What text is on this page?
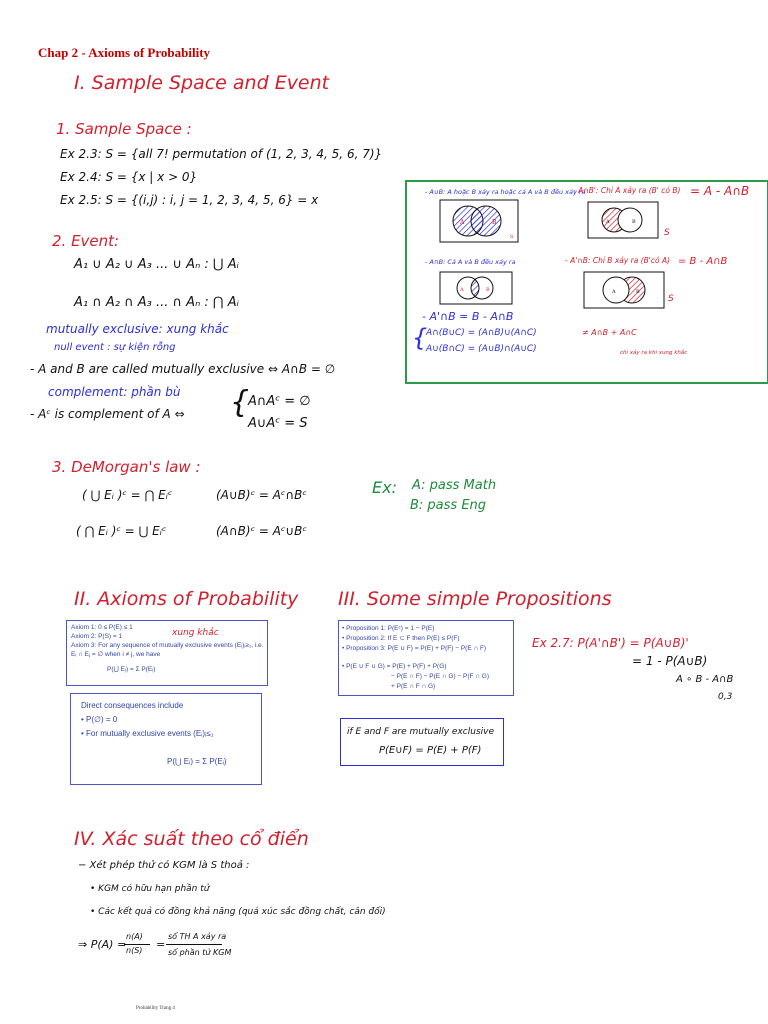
Chap 2 - Axioms of Probability
I. Sample Space and Event
1. Sample Space :
Ex 2.3: S = {all 7! permutation of (1, 2, 3, 4, 5, 6, 7)}
Ex 2.4: S = {x | x > 0}
Ex 2.5: S = {(i,j) : i, j = 1, 2, 3, 4, 5, 6} = x
2. Event:
A₁ ∪ A₂ ∪ A₃ ... ∪ Aₙ : ⋃ Aᵢ
A₁ ∩ A₂ ∩ A₃ ... ∩ Aₙ : ⋂ Aᵢ
mutually exclusive: xung khắc
null event : sự kiện rỗng
- A and B are called mutually exclusive ⇔ A∩B = ∅
complement: phần bù
- Aᶜ is complement of A ⇔ {
A∩Aᶜ = ∅
A∪Aᶜ = S
3. DeMorgan's law :
( ⋃ Eᵢ )ᶜ = ⋂ Eᵢᶜ	(A∪B)ᶜ = Aᶜ∩Bᶜ
( ⋂ Eᵢ )ᶜ = ⋃ Eᵢᶜ	(A∩B)ᶜ = Aᶜ∪Bᶜ
Ex: A: pass Math
B: pass Eng
- A∪B: A hoặc B xảy ra hoặc cả A và B đều xảy ra
- A∩B': Chỉ A xảy ra (B' có B) = A - A∩B
A	B
S
A	B
S
- A∩B: Cả A và B đều xảy ra	- A'∩B: Chỉ B xảy ra (B'có A) = B - A∩B
A	B	A	B
S
- A'∩B = B - A∩B
{
A∩(B∪C) = (A∩B)∪(A∩C)	≠ A∩B + A∩C
A∪(B∩C) = (A∪B)∩(A∪C)	chỉ xảy ra khi xung khắc
II. Axioms of Probability
Axiom 1: 0 ≤ P(E) ≤ 1
Axiom 2: P(S) = 1
Axiom 3: For any sequence of mutually exclusive events (Eᵢ)ᵢ≥₁, i.e.
Eᵢ ∩ Eⱼ = ∅ when i ≠ j, we have
P(⋃ Eᵢ) = Σ P(Eᵢ)
xung khắc
Direct consequences include
• P(∅) = 0
• For mutually exclusive events (Eᵢ)ᵢ≤₁
P(⋃ Eᵢ) = Σ P(Eᵢ)
III. Some simple Propositions
• Proposition 1: P(Eᶜ) = 1 − P(E)
• Proposition 2: If E ⊂ F then P(E) ≤ P(F)
• Proposition 3: P(E ∪ F) = P(E) + P(F) − P(E ∩ F)
• P(E ∪ F ∪ G) = P(E) + P(F) + P(G)
− P(E ∩ F) − P(E ∩ G) − P(F ∩ G)
+ P(E ∩ F ∩ G)
if E and F are mutually exclusive
P(E∪F) = P(E) + P(F)
Ex 2.7: P(A'∩B') = P(A∪B)'
= 1 - P(A∪B)
A ∘ B - A∩B
0,3
IV. Xác suất theo cổ điển
− Xét phép thử có KGM là S thoả :
• KGM có hữu hạn phần tử
• Các kết quả có đồng khả năng (quá xúc sắc đồng chất, cân đối)
⇒ P(A) =
n(A)
n(S) =
số TH A xảy ra
số phần tử KGM
Probability Trang 4
